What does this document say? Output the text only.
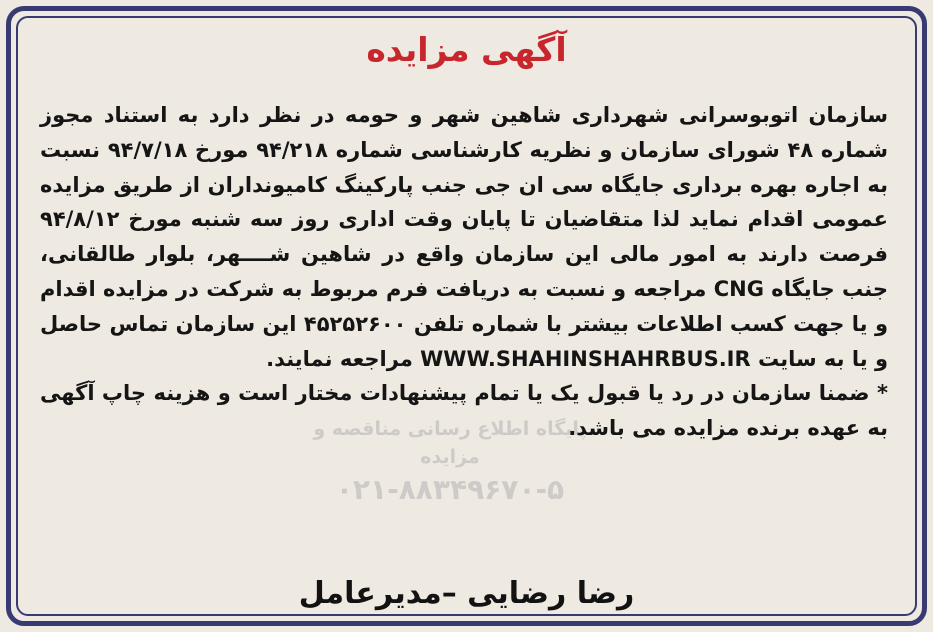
آگهی مزایده
پایگاه اطلاع رسانی مناقصه و مزایده
۰۲۱-۸۸۳۴۹۶۷۰-۵

سازمان اتوبوسرانی شهرداری شاهین شهر و حومه در نظر دارد به استناد مجوز شماره ۴۸ شورای سازمان و نظریه کارشناسی شماره ۹۴/۲۱۸ مورخ ۹۴/۷/۱۸ نسبت به اجاره بهره برداری جایگاه سی ان جی جنب پارکینگ کامیونداران از طریق مزایده عمومی اقدام نماید لذا متقاضیان تا پایان وقت اداری روز سه شنبه مورخ ۹۴/۸/۱۲ فرصت دارند به امور مالی این سازمان واقع در شاهین شــــهر، بلوار طالقانی، جنب جایگاه CNG مراجعه و نسبت به دریافت فرم مربوط به شرکت در مزایده اقدام و یا جهت کسب اطلاعات بیشتر با شماره تلفن ۴۵۲۵۲۶۰۰ این سازمان تماس حاصل و یا به سایت WWW.SHAHINSHAHRBUS.IR مراجعه نمایند.

* ضمنا سازمان در رد یا قبول یک یا تمام پیشنهادات مختار است و هزینه چاپ آگهی به عهده برنده مزایده می باشد.

رضا رضایی –مدیرعامل
